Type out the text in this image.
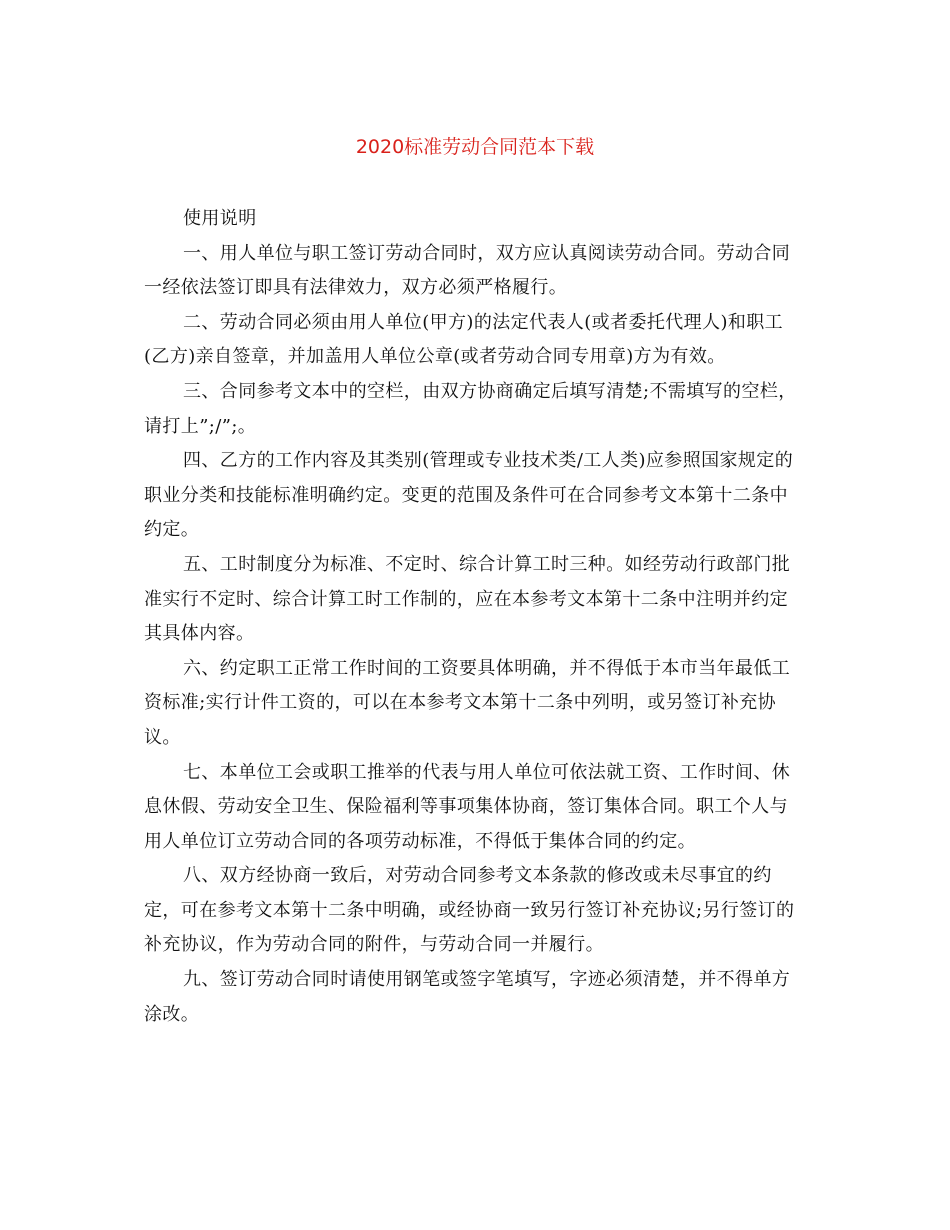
2020标准劳动合同范本下载

使用说明

一、用人单位与职工签订劳动合同时，双方应认真阅读劳动合同。劳动合同一经依法签订即具有法律效力，双方必须严格履行。

二、劳动合同必须由用人单位(甲方)的法定代表人(或者委托代理人)和职工(乙方)亲自签章，并加盖用人单位公章(或者劳动合同专用章)方为有效。

三、合同参考文本中的空栏，由双方协商确定后填写清楚;不需填写的空栏，请打上”;/”;。

四、乙方的工作内容及其类别(管理或专业技术类/工人类)应参照国家规定的职业分类和技能标准明确约定。变更的范围及条件可在合同参考文本第十二条中约定。

五、工时制度分为标准、不定时、综合计算工时三种。如经劳动行政部门批准实行不定时、综合计算工时工作制的，应在本参考文本第十二条中注明并约定其具体内容。

六、约定职工正常工作时间的工资要具体明确，并不得低于本市当年最低工资标准;实行计件工资的，可以在本参考文本第十二条中列明，或另签订补充协议。

七、本单位工会或职工推举的代表与用人单位可依法就工资、工作时间、休息休假、劳动安全卫生、保险福利等事项集体协商，签订集体合同。职工个人与用人单位订立劳动合同的各项劳动标准，不得低于集体合同的约定。

八、双方经协商一致后，对劳动合同参考文本条款的修改或未尽事宜的约定，可在参考文本第十二条中明确，或经协商一致另行签订补充协议;另行签订的补充协议，作为劳动合同的附件，与劳动合同一并履行。

九、签订劳动合同时请使用钢笔或签字笔填写，字迹必须清楚，并不得单方涂改。
